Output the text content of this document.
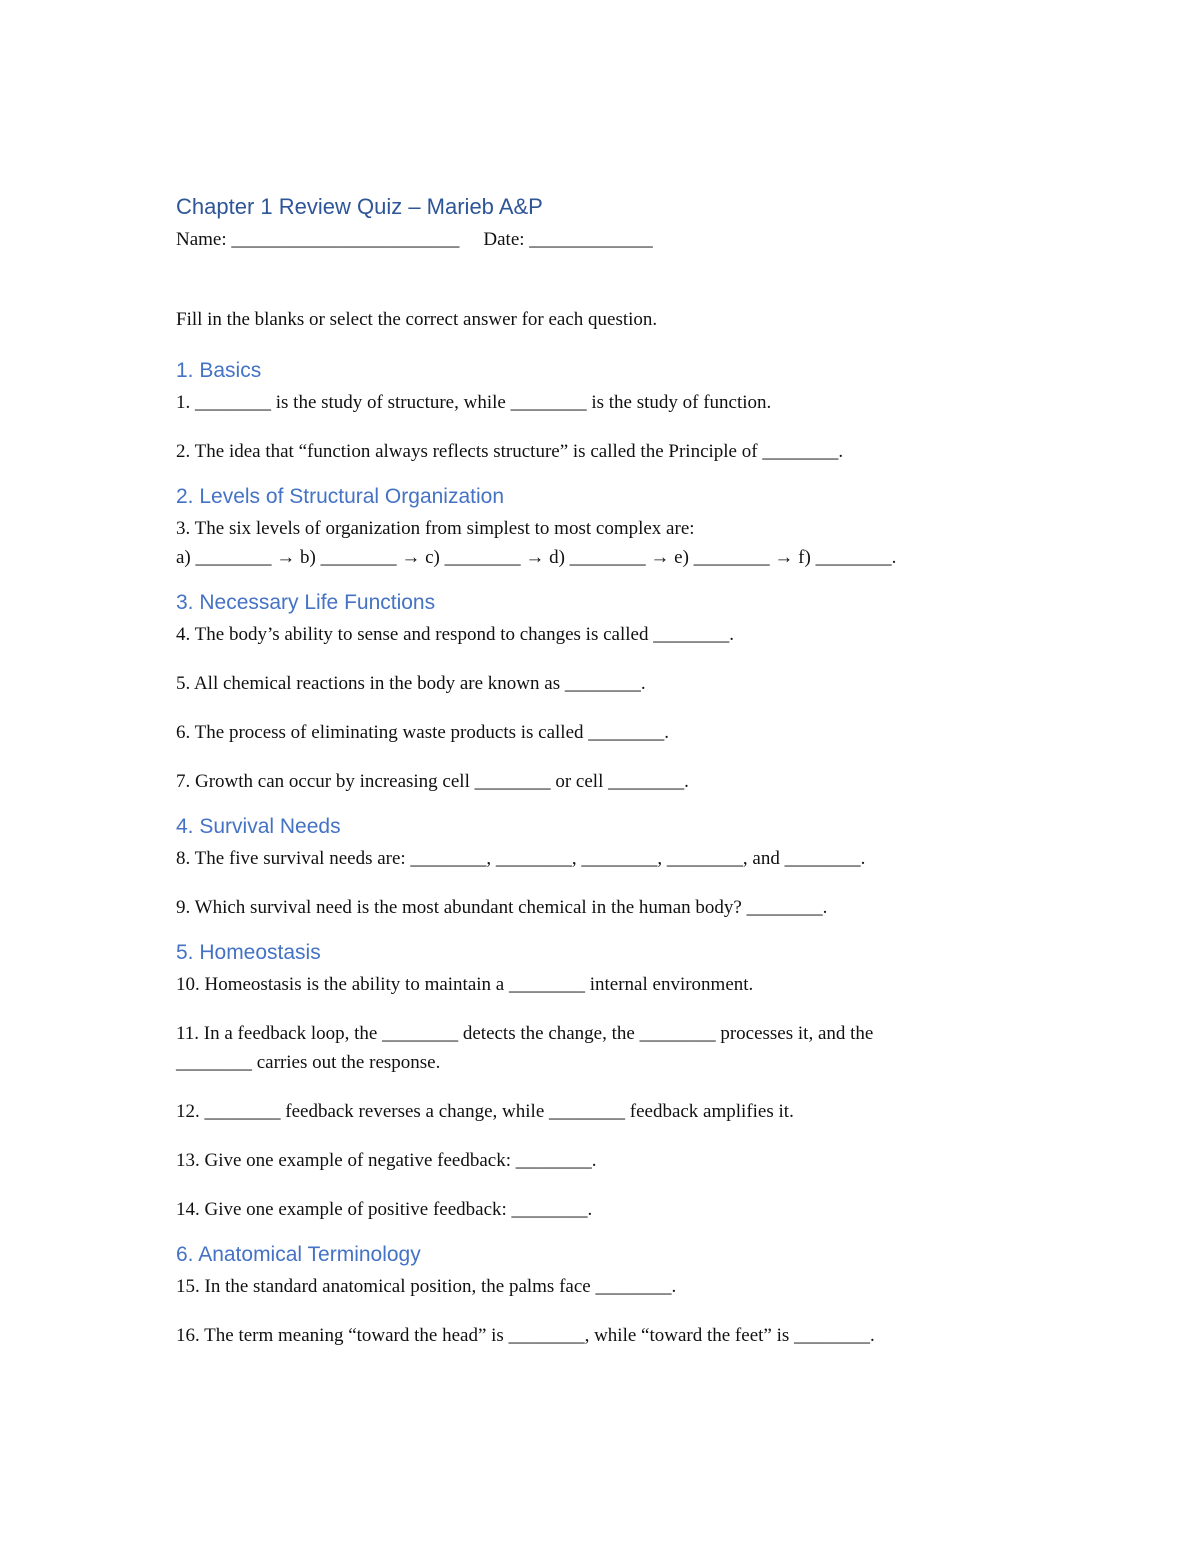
Chapter 1 Review Quiz – Marieb A&P
Name: ________________________ Date: _____________
Fill in the blanks or select the correct answer for each question.
1. Basics
1. ________ is the study of structure, while ________ is the study of function.
2. The idea that “function always reflects structure” is called the Principle of ________.
2. Levels of Structural Organization
3. The six levels of organization from simplest to most complex are:
a) ________ → b) ________ → c) ________ → d) ________ → e) ________ → f) ________.
3. Necessary Life Functions
4. The body’s ability to sense and respond to changes is called ________.
5. All chemical reactions in the body are known as ________.
6. The process of eliminating waste products is called ________.
7. Growth can occur by increasing cell ________ or cell ________.
4. Survival Needs
8. The five survival needs are: ________, ________, ________, ________, and ________.
9. Which survival need is the most abundant chemical in the human body? ________.
5. Homeostasis
10. Homeostasis is the ability to maintain a ________ internal environment.
11. In a feedback loop, the ________ detects the change, the ________ processes it, and the
________ carries out the response.
12. ________ feedback reverses a change, while ________ feedback amplifies it.
13. Give one example of negative feedback: ________.
14. Give one example of positive feedback: ________.
6. Anatomical Terminology
15. In the standard anatomical position, the palms face ________.
16. The term meaning “toward the head” is ________, while “toward the feet” is ________.
